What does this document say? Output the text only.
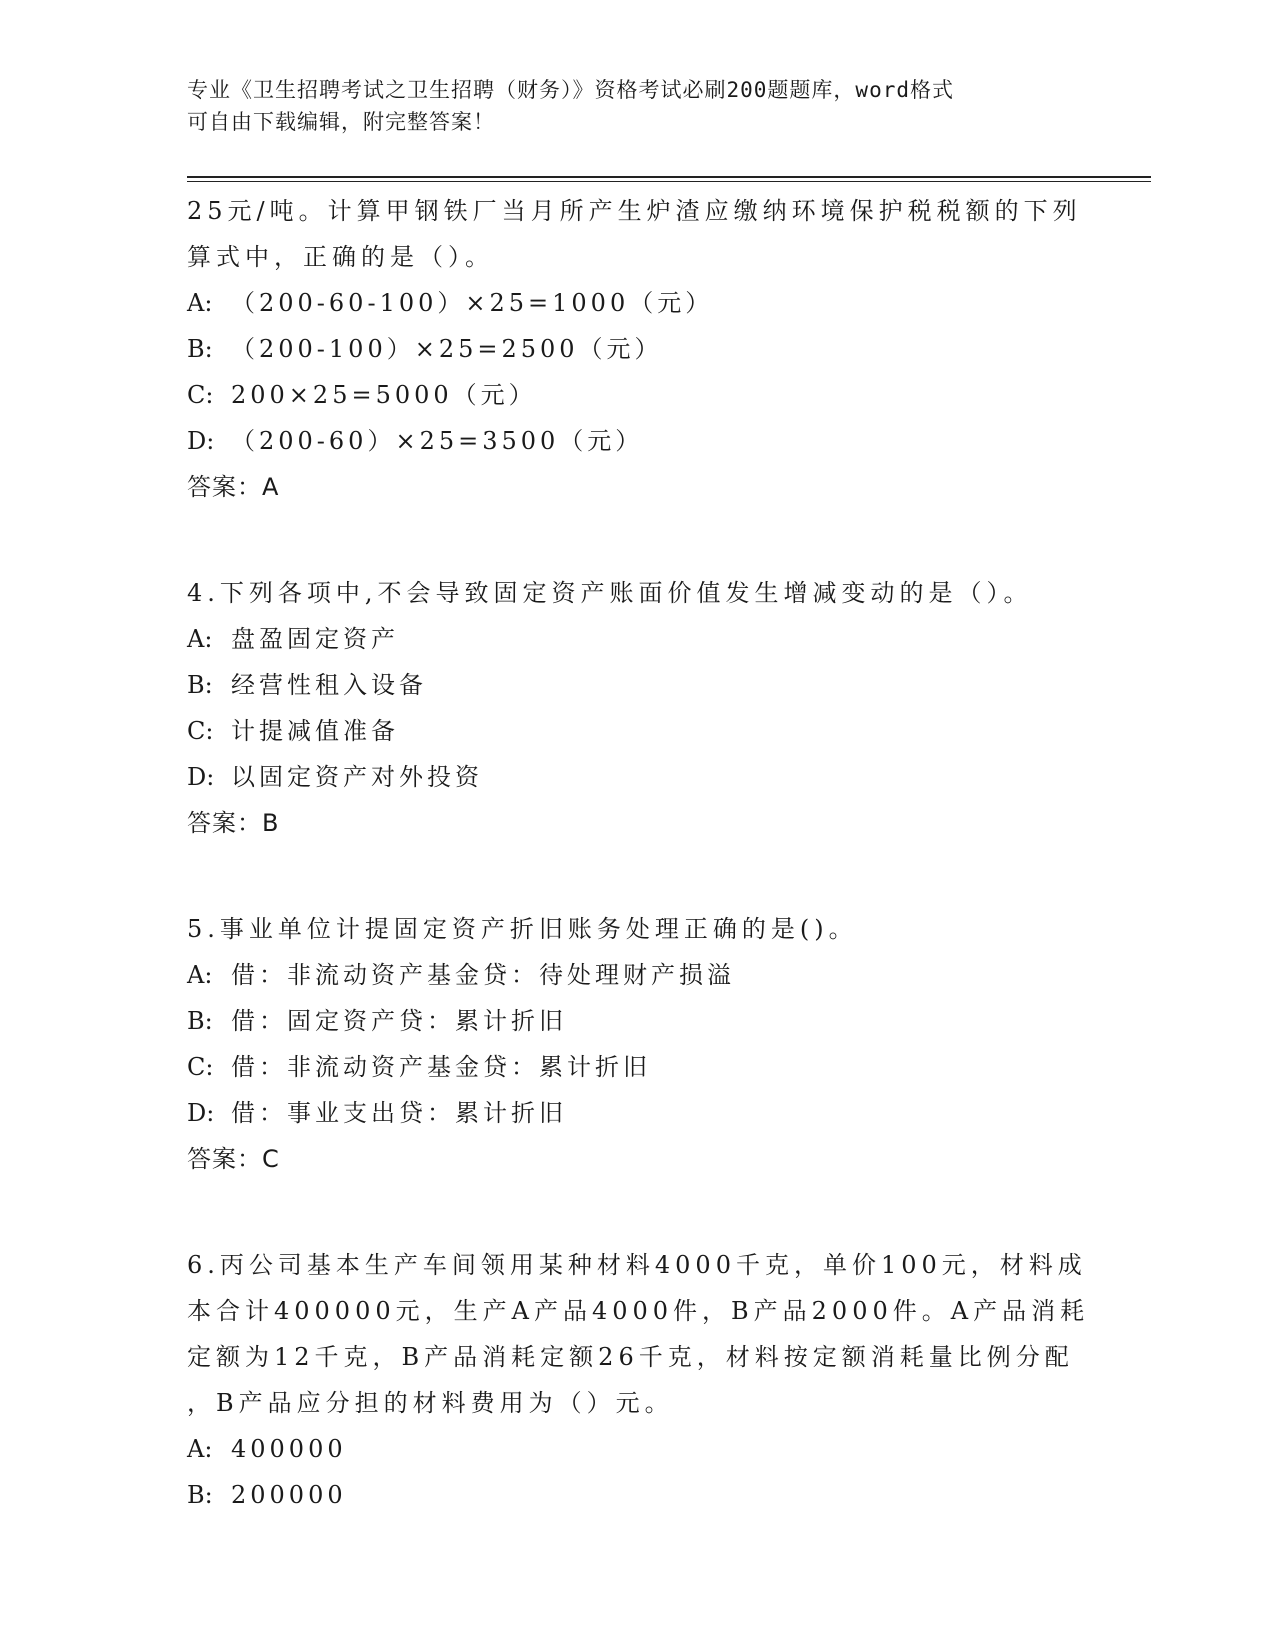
专业《卫生招聘考试之卫生招聘（财务）》资格考试必刷200题题库，word格式
可自由下载编辑，附完整答案！
25元/吨。计算甲钢铁厂当月所产生炉渣应缴纳环境保护税税额的下列
算式中，正确的是（）。
A: （200-60-100）×25=1000（元）
B: （200-100）×25=2500（元）
C: 200×25=5000（元）
D: （200-60）×25=3500（元）
答案：A
4.下列各项中,不会导致固定资产账面价值发生增减变动的是（）。
A: 盘盈固定资产
B: 经营性租入设备
C: 计提减值准备
D: 以固定资产对外投资
答案：B
5.事业单位计提固定资产折旧账务处理正确的是()。
A: 借：非流动资产基金贷：待处理财产损溢
B: 借：固定资产贷：累计折旧
C: 借：非流动资产基金贷：累计折旧
D: 借：事业支出贷：累计折旧
答案：C
6.丙公司基本生产车间领用某种材料4000千克，单价100元，材料成
本合计400000元，生产A产品4000件，B产品2000件。A产品消耗
定额为12千克，B产品消耗定额26千克，材料按定额消耗量比例分配
，B产品应分担的材料费用为（）元。
A: 400000
B: 200000
